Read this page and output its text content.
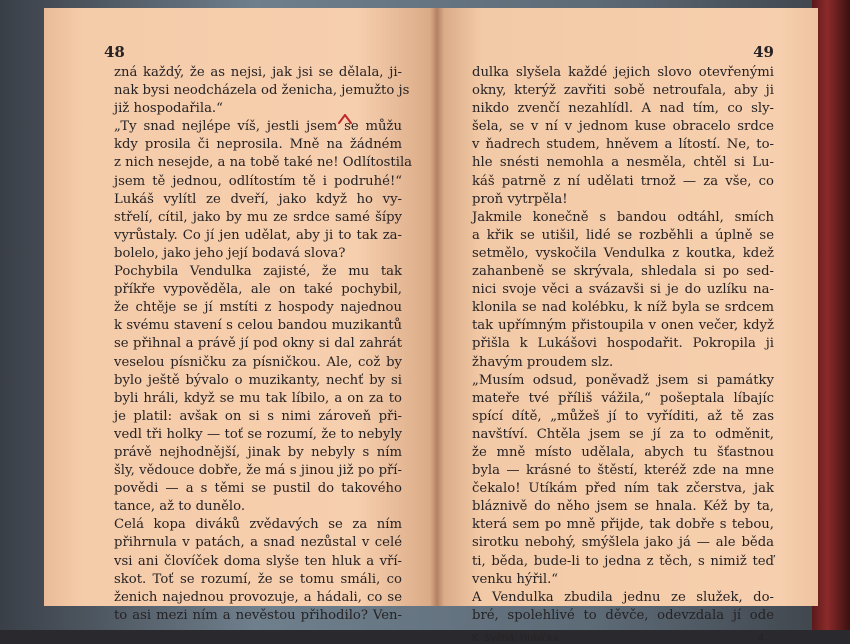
48
zná každý, že as nejsi, jak jsi se dělala, ji-
nak bysi neodcházela od ženicha, jemužto js
již hospodařila.“
„Ty snad nejlépe víš, jestli jsem se můžu
kdy prosila či neprosila. Mně na žádném
z nich nesejde, a na tobě také ne! Odlítostila
jsem tě jednou, odlítostím tě i podruhé!“
Lukáš vylítl ze dveří, jako když ho vy-
střelí, cítil, jako by mu ze srdce samé šípy
vyrůstaly. Co jí jen udělat, aby ji to tak za-
bolelo, jako jeho její bodavá slova?
Pochybila Vendulka zajisté, že mu tak
příkře vypověděla, ale on také pochybil,
že chtěje se jí mstíti z hospody najednou
k svému stavení s celou bandou muzikantů
se přihnal a právě jí pod okny si dal zahrát
veselou písničku za písničkou. Ale, což by
bylo ještě bývalo o muzikanty, nechť by si
byli hráli, když se mu tak líbilo, a on za to
je platil: avšak on si s nimi zároveň při-
vedl tři holky — toť se rozumí, že to nebyly
právě nejhodnější, jinak by nebyly s ním
šly, vědouce dobře, že má s jinou již po pří-
povědi — a s těmi se pustil do takového
tance, až to dunělo.
Celá kopa diváků zvědavých se za ním
přihrnula v patách, a snad nezůstal v celé
vsi ani človíček doma slyše ten hluk a vří-
skot. Toť se rozumí, že se tomu smáli, co
ženich najednou provozuje, a hádali, co se
to asi mezi ním a nevěstou přihodilo? Ven-
49
dulka slyšela každé jejich slovo otevřenými
okny, kterýž zavřiti sobě netroufala, aby ji
nikdo zvenčí nezahlídl. A nad tím, co sly-
šela, se v ní v jednom kuse obracelo srdce
v ňadrech studem, hněvem a lítostí. Ne, to-
hle snésti nemohla a nesměla, chtěl si Lu-
káš patrně z ní udělati trnož — za vše, co
proň vytrpěla!
Jakmile konečně s bandou odtáhl, smích
a křik se utišil, lidé se rozběhli a úplně se
setmělo, vyskočila Vendulka z koutka, kdež
zahanbeně se skrývala, shledala si po sed-
nici svoje věci a svázavši si je do uzlíku na-
klonila se nad kolébku, k níž byla se srdcem
tak upřímným přistoupila v onen večer, když
přišla k Lukášovi hospodařit. Pokropila ji
žhavým proudem slz.
„Musím odsud, poněvadž jsem si památky
mateře tvé příliš vážila,“ pošeptala líbajíc
spící dítě, „můžeš jí to vyříditi, až tě zas
navštíví. Chtěla jsem se jí za to odměnit,
že mně místo udělala, abych tu šťastnou
byla — krásné to štěstí, kteréž zde na mne
čekalo! Utíkám před ním tak zčerstva, jak
bláznivě do něho jsem se hnala. Kéž by ta,
která sem po mně přijde, tak dobře s tebou,
sirotku nebohý, smýšlela jako já — ale běda
ti, běda, bude-li to jedna z těch, s nimiž teď
venku hýřil.“
A Vendulka zbudila jednu ze služek, do-
bré, spolehlivé to děvče, odevzdala jí ode
K. Světlá: Hubička.	4
